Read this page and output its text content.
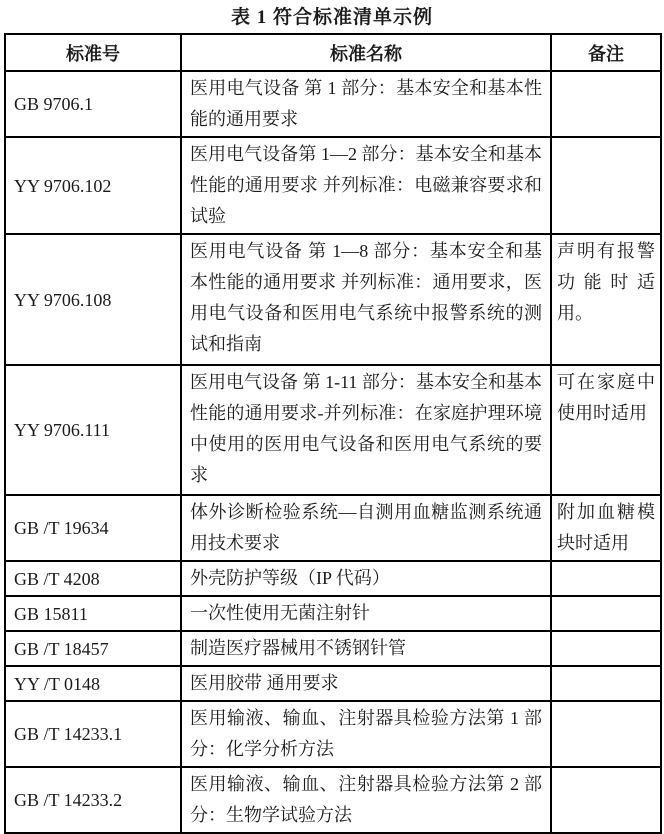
表 1 符合标准清单示例
标准号	标准名称	备注
GB 9706.1	医用电气设备 第 1 部分：基本安全和基本性能的通用要求	
YY 9706.102	医用电气设备第 1—2 部分：基本安全和基本性能的通用要求 并列标准：电磁兼容要求和试验	
YY 9706.108	医用电气设备 第 1—8 部分：基本安全和基本性能的通用要求 并列标准：通用要求，医用电气设备和医用电气系统中报警系统的测试和指南	声明有报警功能时适用。
YY 9706.111	医用电气设备 第 1-11 部分：基本安全和基本性能的通用要求-并列标准：在家庭护理环境中使用的医用电气设备和医用电气系统的要求	可在家庭中使用时适用
GB /T 19634	体外诊断检验系统—自测用血糖监测系统通用技术要求	附加血糖模块时适用
GB /T 4208	外壳防护等级（IP 代码）	
GB 15811	一次性使用无菌注射针	
GB /T 18457	制造医疗器械用不锈钢针管	
YY /T 0148	医用胶带 通用要求	
GB /T 14233.1	医用输液、输血、注射器具检验方法第 1 部分：化学分析方法	
GB /T 14233.2	医用输液、输血、注射器具检验方法第 2 部分：生物学试验方法	
